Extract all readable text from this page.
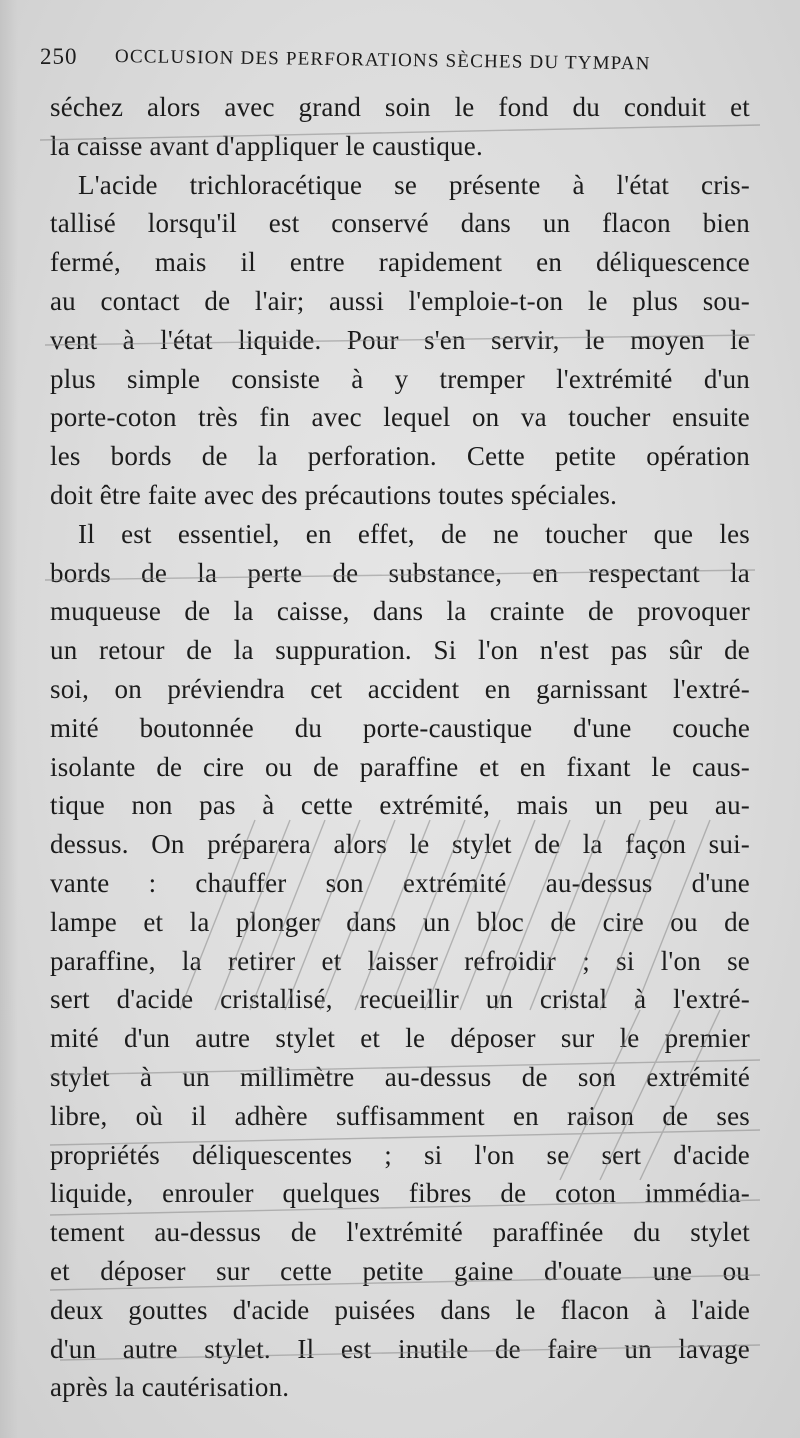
250 OCCLUSION DES PERFORATIONS SÈCHES DU TYMPAN
séchez alors avec grand soin le fond du conduit et
la caisse avant d'appliquer le caustique.
L'acide trichloracétique se présente à l'état cris-
tallisé lorsqu'il est conservé dans un flacon bien
fermé, mais il entre rapidement en déliquescence
au contact de l'air; aussi l'emploie-t-on le plus sou-
vent à l'état liquide. Pour s'en servir, le moyen le
plus simple consiste à y tremper l'extrémité d'un
porte-coton très fin avec lequel on va toucher ensuite
les bords de la perforation. Cette petite opération
doit être faite avec des précautions toutes spéciales.
Il est essentiel, en effet, de ne toucher que les
bords de la perte de substance, en respectant la
muqueuse de la caisse, dans la crainte de provoquer
un retour de la suppuration. Si l'on n'est pas sûr de
soi, on préviendra cet accident en garnissant l'extré-
mité boutonnée du porte-caustique d'une couche
isolante de cire ou de paraffine et en fixant le caus-
tique non pas à cette extrémité, mais un peu au-
dessus. On préparera alors le stylet de la façon sui-
vante : chauffer son extrémité au-dessus d'une
lampe et la plonger dans un bloc de cire ou de
paraffine, la retirer et laisser refroidir ; si l'on se
sert d'acide cristallisé, recueillir un cristal à l'extré-
mité d'un autre stylet et le déposer sur le premier
stylet à un millimètre au-dessus de son extrémité
libre, où il adhère suffisamment en raison de ses
propriétés déliquescentes ; si l'on se sert d'acide
liquide, enrouler quelques fibres de coton immédia-
tement au-dessus de l'extrémité paraffinée du stylet
et déposer sur cette petite gaine d'ouate une ou
deux gouttes d'acide puisées dans le flacon à l'aide
d'un autre stylet. Il est inutile de faire un lavage
après la cautérisation.
